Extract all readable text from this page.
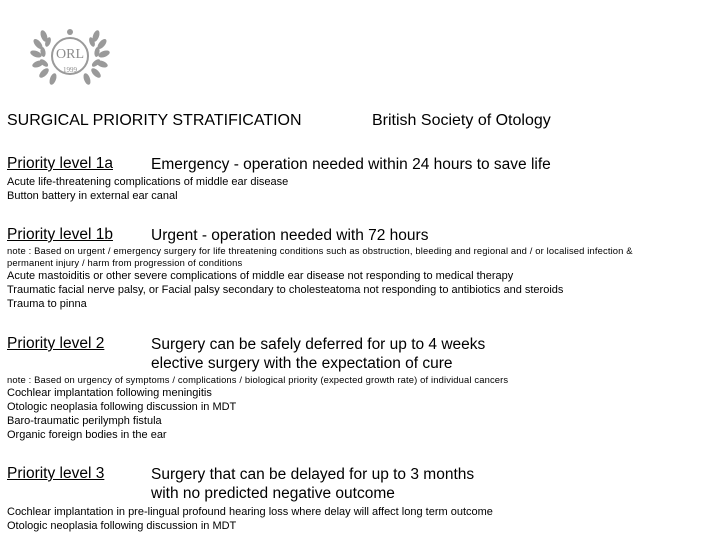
ORL
1999
SURGICAL PRIORITY STRATIFICATION	British Society of Otology
Priority level 1a Emergency - operation needed within 24 hours to save life
Acute life-threatening complications of middle ear disease
Button battery in external ear canal
Priority level 1b Urgent - operation needed with 72 hours
note : Based on urgent / emergency surgery for life threatening conditions such as obstruction, bleeding and regional and / or localised infection &
permanent injury / harm from progression of conditions
Acute mastoiditis or other severe complications of middle ear disease not responding to medical therapy
Traumatic facial nerve palsy, or Facial palsy secondary to cholesteatoma not responding to antibiotics and steroids
Trauma to pinna
Priority level 2	Surgery can be safely deferred for up to 4 weeks
elective surgery with the expectation of cure
note : Based on urgency of symptoms / complications / biological priority (expected growth rate) of individual cancers
Cochlear implantation following meningitis
Otologic neoplasia following discussion in MDT
Baro-traumatic perilymph fistula
Organic foreign bodies in the ear
Priority level 3	Surgery that can be delayed for up to 3 months
with no predicted negative outcome
Cochlear implantation in pre-lingual profound hearing loss where delay will affect long term outcome
Otologic neoplasia following discussion in MDT
